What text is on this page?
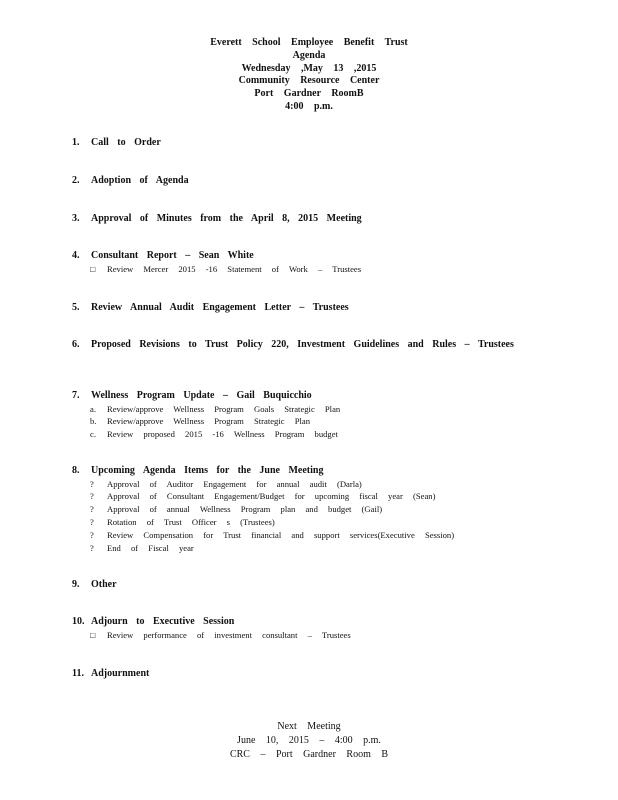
Everett School Employee Benefit Trust
Agenda
Wednesday ,May 13 ,2015
Community Resource Center
Port Gardner RoomB
4:00 p.m.
1.	Call to Order
2.	Adoption of Agenda
3.	Approval of Minutes from the April 8, 2015 Meeting
4.	Consultant Report – Sean White
□	Review Mercer 2015 -16 Statement of Work – Trustees
5.	Review Annual Audit Engagement Letter – Trustees
6.	Proposed Revisions to Trust Policy 220, Investment Guidelines and Rules – Trustees
7.	Wellness Program Update – Gail Buquicchio
a.	Review/approve Wellness Program Goals Strategic Plan
b.	Review/approve Wellness Program Strategic Plan
c.	Review proposed 2015 -16 Wellness Program budget
8.	Upcoming Agenda Items for the June Meeting
?	Approval of Auditor Engagement for annual audit (Darla)
?	Approval of Consultant Engagement/Budget for upcoming fiscal year (Sean)
?	Approval of annual Wellness Program plan and budget (Gail)
?	Rotation of Trust Officer s (Trustees)
?	Review Compensation for Trust financial and support services(Executive Session)
?	End of Fiscal year
9.	Other
10. Adjourn to Executive Session
□	Review performance of investment consultant – Trustees
11. Adjournment
Next Meeting
June 10, 2015 – 4:00 p.m.
CRC – Port Gardner Room B
